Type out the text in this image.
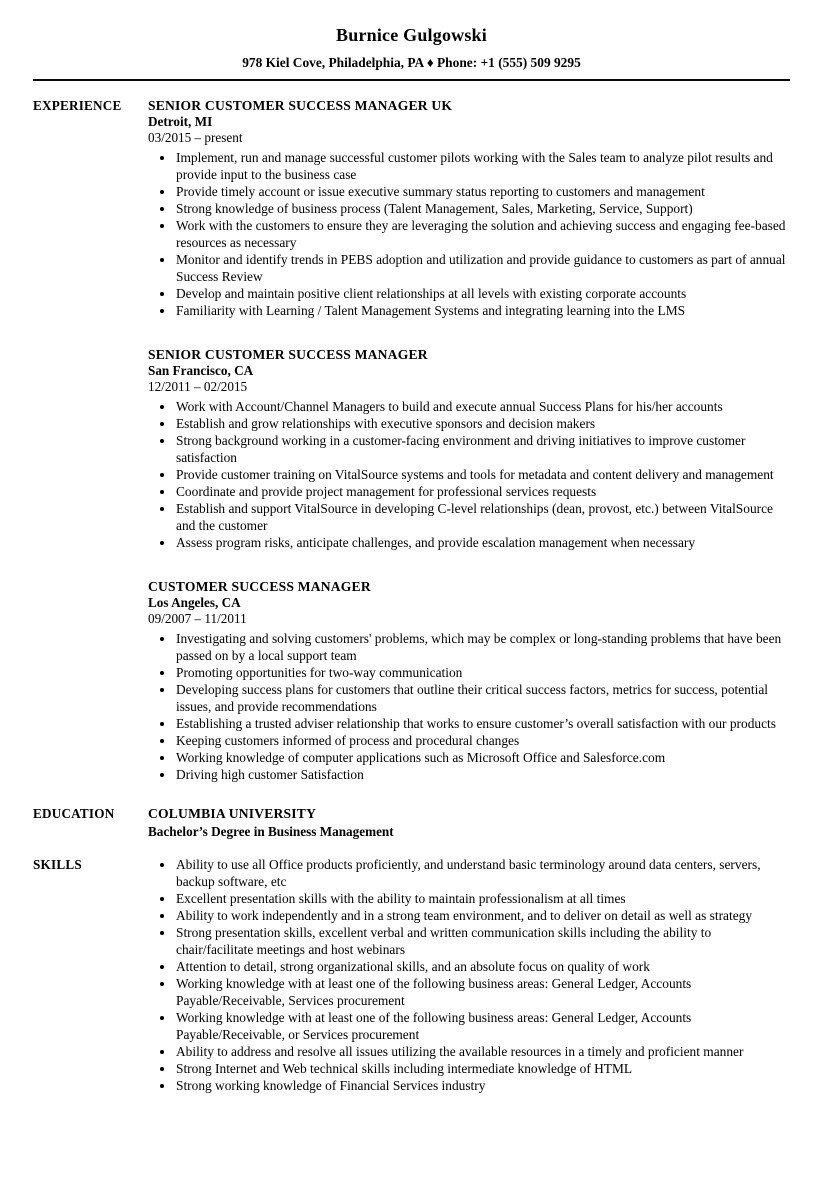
Burnice Gulgowski
978 Kiel Cove, Philadelphia, PA ♦ Phone: +1 (555) 509 9295
EXPERIENCE	SENIOR CUSTOMER SUCCESS MANAGER UK
Detroit, MI
03/2015 – present
• Implement, run and manage successful customer pilots working with the Sales team to analyze pilot results and provide input to the business case
• Provide timely account or issue executive summary status reporting to customers and management
• Strong knowledge of business process (Talent Management, Sales, Marketing, Service, Support)
• Work with the customers to ensure they are leveraging the solution and achieving success and engaging fee-based resources as necessary
• Monitor and identify trends in PEBS adoption and utilization and provide guidance to customers as part of annual Success Review
• Develop and maintain positive client relationships at all levels with existing corporate accounts
• Familiarity with Learning / Talent Management Systems and integrating learning into the LMS
SENIOR CUSTOMER SUCCESS MANAGER
San Francisco, CA
12/2011 – 02/2015
• Work with Account/Channel Managers to build and execute annual Success Plans for his/her accounts
• Establish and grow relationships with executive sponsors and decision makers
• Strong background working in a customer-facing environment and driving initiatives to improve customer satisfaction
• Provide customer training on VitalSource systems and tools for metadata and content delivery and management
• Coordinate and provide project management for professional services requests
• Establish and support VitalSource in developing C-level relationships (dean, provost, etc.) between VitalSource and the customer
• Assess program risks, anticipate challenges, and provide escalation management when necessary
CUSTOMER SUCCESS MANAGER
Los Angeles, CA
09/2007 – 11/2011
• Investigating and solving customers' problems, which may be complex or long-standing problems that have been passed on by a local support team
• Promoting opportunities for two-way communication
• Developing success plans for customers that outline their critical success factors, metrics for success, potential issues, and provide recommendations
• Establishing a trusted adviser relationship that works to ensure customer’s overall satisfaction with our products
• Keeping customers informed of process and procedural changes
• Working knowledge of computer applications such as Microsoft Office and Salesforce.com
• Driving high customer Satisfaction
EDUCATION	COLUMBIA UNIVERSITY
Bachelor’s Degree in Business Management
SKILLS	• Ability to use all Office products proficiently, and understand basic terminology around data centers, servers, backup software, etc
• Excellent presentation skills with the ability to maintain professionalism at all times
• Ability to work independently and in a strong team environment, and to deliver on detail as well as strategy
• Strong presentation skills, excellent verbal and written communication skills including the ability to chair/facilitate meetings and host webinars
• Attention to detail, strong organizational skills, and an absolute focus on quality of work
• Working knowledge with at least one of the following business areas: General Ledger, Accounts Payable/Receivable, Services procurement
• Working knowledge with at least one of the following business areas: General Ledger, Accounts Payable/Receivable, or Services procurement
• Ability to address and resolve all issues utilizing the available resources in a timely and proficient manner
• Strong Internet and Web technical skills including intermediate knowledge of HTML
• Strong working knowledge of Financial Services industry
